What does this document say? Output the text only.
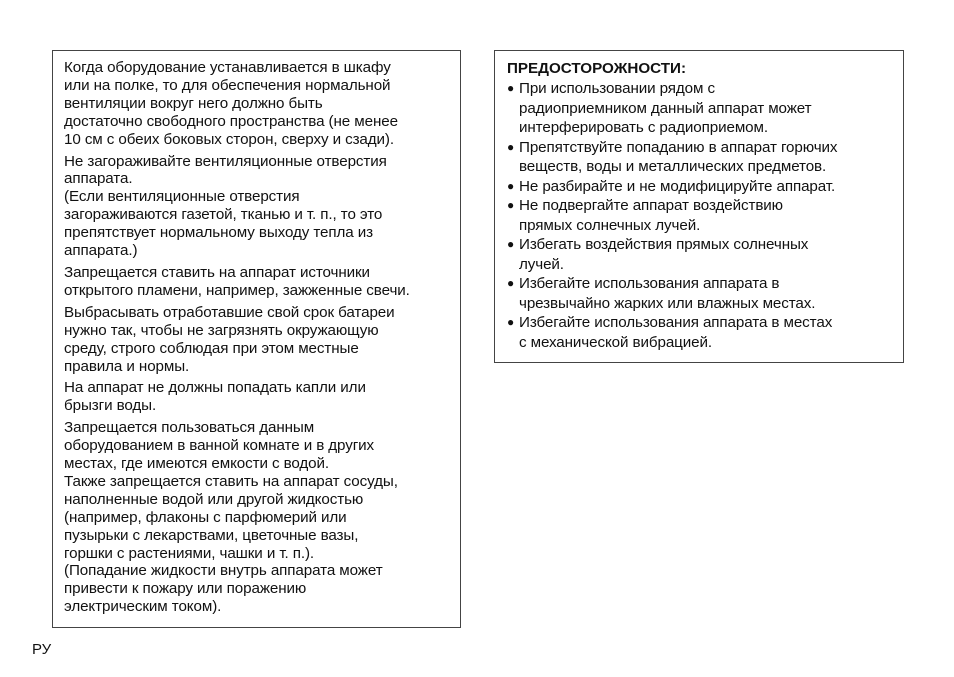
Когда оборудование устанавливается в шкафу
или на полке, то для обеспечения нормальной
вентиляции вокруг него должно быть
достаточно свободного пространства (не менее
10 см с обеих боковых сторон, сверху и сзади).

Не загораживайте вентиляционные отверстия
аппарата.
(Если вентиляционные отверстия
загораживаются газетой, тканью и т. п., то это
препятствует нормальному выходу тепла из
аппарата.)

Запрещается ставить на аппарат источники
открытого пламени, например, зажженные свечи.

Выбрасывать отработавшие свой срок батареи
нужно так, чтобы не загрязнять окружающую
среду, строго соблюдая при этом местные
правила и нормы.

На аппарат не должны попадать капли или
брызги воды.

Запрещается пользоваться данным
оборудованием в ванной комнате и в других
местах, где имеются емкости с водой.
Также запрещается ставить на аппарат сосуды,
наполненные водой или другой жидкостью
(например, флаконы с парфюмерий или
пузырьки с лекарствами, цветочные вазы,
горшки с растениями, чашки и т. п.).
(Попадание жидкости внутрь аппарата может
привести к пожару или поражению
электрическим током).

ПРЕДОСТОРОЖНОСТИ:
● При использовании рядом с
радиоприемником данный аппарат может
интерферировать с радиоприемом.
● Препятствуйте попаданию в аппарат горючих
веществ, воды и металлических предметов.
● Не разбирайте и не модифицируйте аппарат.
● Не подвергайте аппарат воздействию
прямых солнечных лучей.
● Избегать воздействия прямых солнечных
лучей.
● Избегайте использования аппарата в
чрезвычайно жарких или влажных местах.
● Избегайте использования аппарата в местах
с механической вибрацией.
РУ
